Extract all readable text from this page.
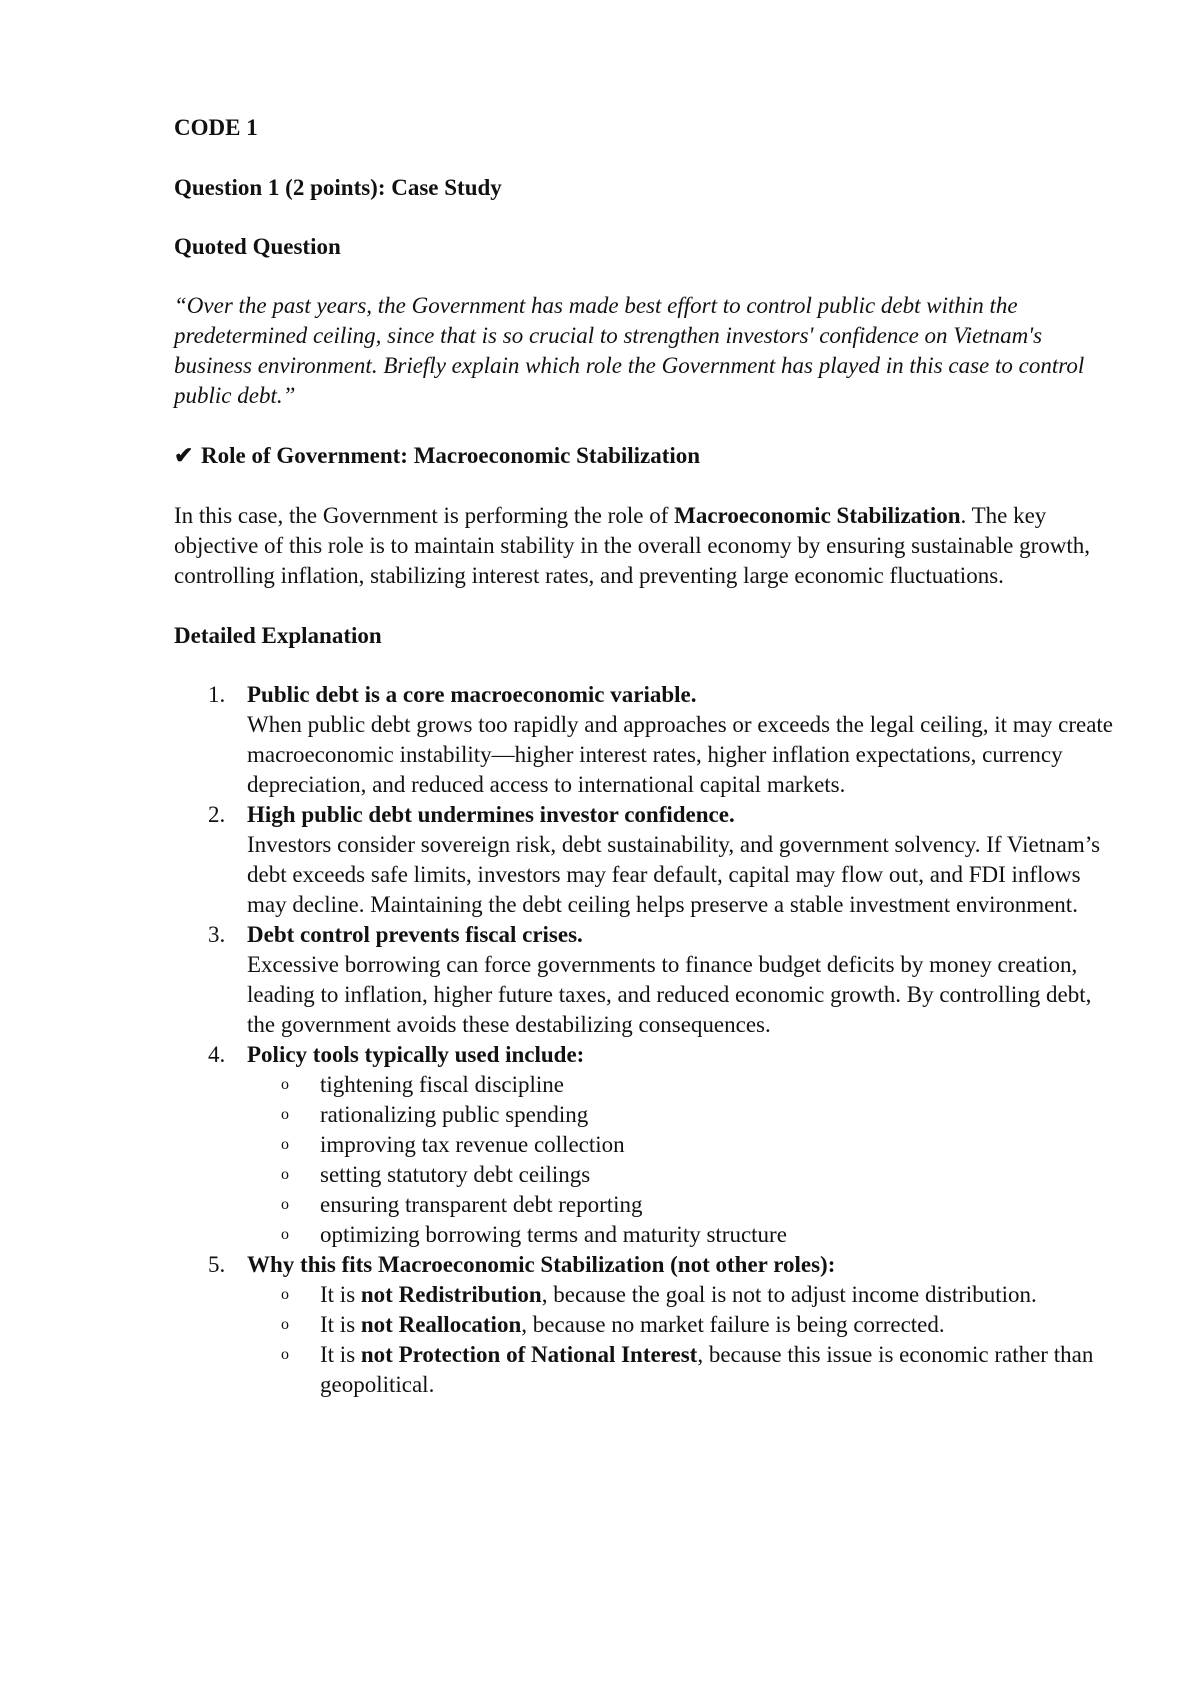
CODE 1

Question 1 (2 points): Case Study

Quoted Question

“Over the past years, the Government has made best effort to control public debt within the predetermined ceiling, since that is so crucial to strengthen investors' confidence on Vietnam's business environment. Briefly explain which role the Government has played in this case to control public debt.”

✔ Role of Government: Macroeconomic Stabilization

In this case, the Government is performing the role of Macroeconomic Stabilization. The key objective of this role is to maintain stability in the overall economy by ensuring sustainable growth, controlling inflation, stabilizing interest rates, and preventing large economic fluctuations.

Detailed Explanation

1. Public debt is a core macroeconomic variable.
When public debt grows too rapidly and approaches or exceeds the legal ceiling, it may create macroeconomic instability—higher interest rates, higher inflation expectations, currency depreciation, and reduced access to international capital markets.
2. High public debt undermines investor confidence.
Investors consider sovereign risk, debt sustainability, and government solvency. If Vietnam’s debt exceeds safe limits, investors may fear default, capital may flow out, and FDI inflows may decline. Maintaining the debt ceiling helps preserve a stable investment environment.
3. Debt control prevents fiscal crises.
Excessive borrowing can force governments to finance budget deficits by money creation, leading to inflation, higher future taxes, and reduced economic growth. By controlling debt, the government avoids these destabilizing consequences.
4. Policy tools typically used include:
o tightening fiscal discipline
o rationalizing public spending
o improving tax revenue collection
o setting statutory debt ceilings
o ensuring transparent debt reporting
o optimizing borrowing terms and maturity structure
5. Why this fits Macroeconomic Stabilization (not other roles):
o It is not Redistribution, because the goal is not to adjust income distribution.
o It is not Reallocation, because no market failure is being corrected.
o It is not Protection of National Interest, because this issue is economic rather than geopolitical.
